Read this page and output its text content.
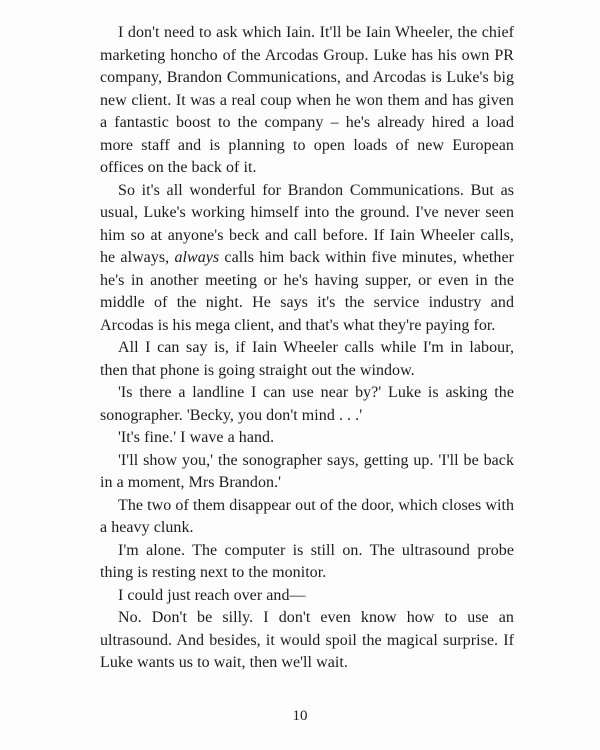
I don't need to ask which Iain. It'll be Iain Wheeler, the chief marketing honcho of the Arcodas Group. Luke has his own PR company, Brandon Communications, and Arcodas is Luke's big new client. It was a real coup when he won them and has given a fantastic boost to the company – he's already hired a load more staff and is planning to open loads of new European offices on the back of it.

So it's all wonderful for Brandon Communications. But as usual, Luke's working himself into the ground. I've never seen him so at anyone's beck and call before. If Iain Wheeler calls, he always, always calls him back within five minutes, whether he's in another meeting or he's having supper, or even in the middle of the night. He says it's the service industry and Arcodas is his mega client, and that's what they're paying for.

All I can say is, if Iain Wheeler calls while I'm in labour, then that phone is going straight out the window.

'Is there a landline I can use near by?' Luke is asking the sonographer. 'Becky, you don't mind . . .'

'It's fine.' I wave a hand.

'I'll show you,' the sonographer says, getting up. 'I'll be back in a moment, Mrs Brandon.'

The two of them disappear out of the door, which closes with a heavy clunk.

I'm alone. The computer is still on. The ultrasound probe thing is resting next to the monitor.

I could just reach over and—

No. Don't be silly. I don't even know how to use an ultrasound. And besides, it would spoil the magical surprise. If Luke wants us to wait, then we'll wait.

10
